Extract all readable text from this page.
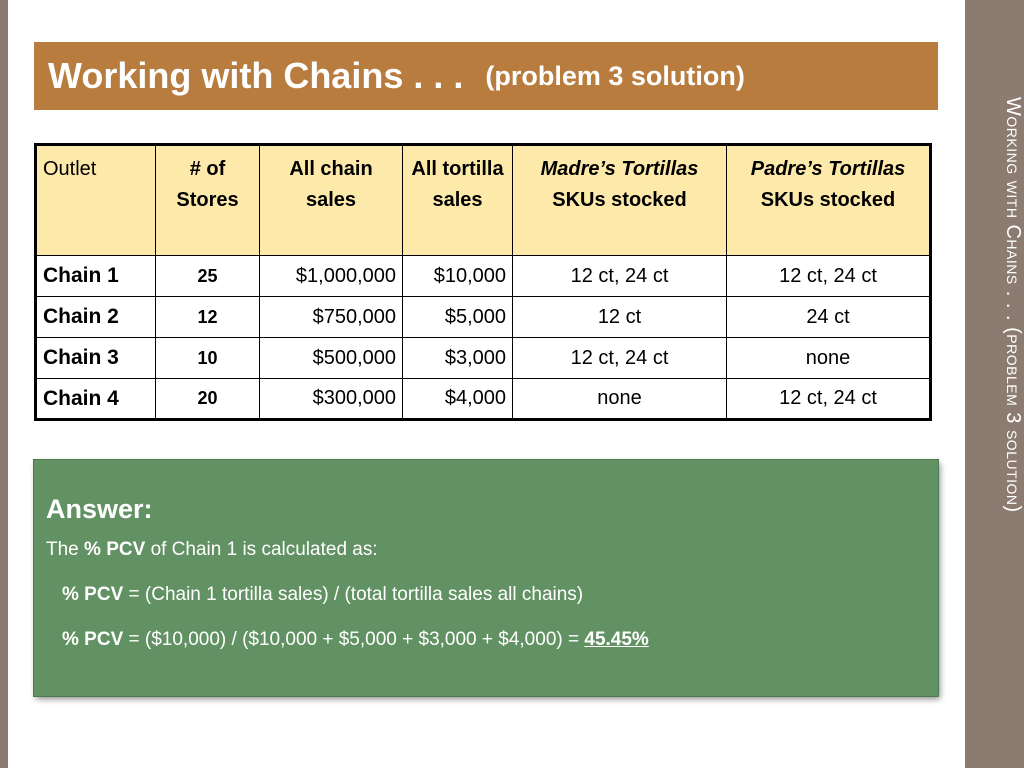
Working with Chains . . . (problem 3 solution)
Working with Chains . . . (problem 3 solution)
Outlet	# of Stores	All chain sales	All tortilla sales	Madre’s Tortillas SKUs stocked	Padre’s Tortillas SKUs stocked
Chain 1	25	$1,000,000	$10,000	12 ct, 24 ct	12 ct, 24 ct
Chain 2	12	$750,000	$5,000	12 ct	24 ct
Chain 3	10	$500,000	$3,000	12 ct, 24 ct	none
Chain 4	20	$300,000	$4,000	none	12 ct, 24 ct

Answer:

The % PCV of Chain 1 is calculated as:

% PCV = (Chain 1 tortilla sales) / (total tortilla sales all chains)

% PCV = ($10,000) / ($10,000 + $5,000 + $3,000 + $4,000) = 45.45%
